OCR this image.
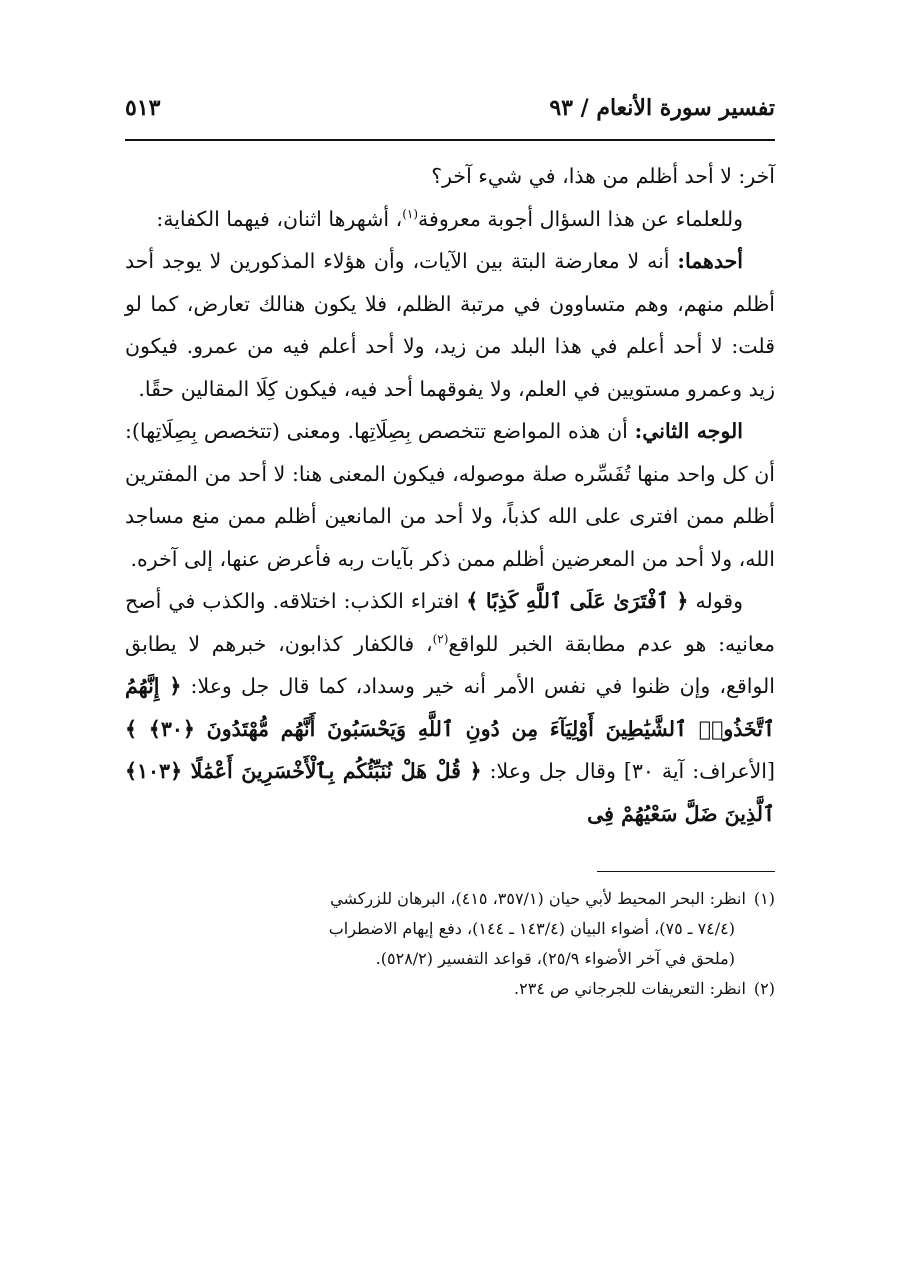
تفسير سورة الأنعام / ٩٣
٥١٣

آخر: لا أحد أظلم من هذا، في شيء آخر؟

وللعلماء عن هذا السؤال أجوبة معروفة$^{(١)}$، أشهرها اثنان، فيهما الكفاية:

أحدهما: أنه لا معارضة البتة بين الآيات، وأن هؤلاء المذكورين لا يوجد أحد أظلم منهم، وهم متساوون في مرتبة الظلم، فلا يكون هنالك تعارض، كما لو قلت: لا أحد أعلم في هذا البلد من زيد، ولا أحد أعلم فيه من عمرو. فيكون زيد وعمرو مستويين في العلم، ولا يفوقهما أحد فيه، فيكون كِلَا المقالين حقًا.

الوجه الثاني: أن هذه المواضع تتخصص بِصِلَاتِها. ومعنى (تتخصص بِصِلَاتِها): أن كل واحد منها تُفَسِّره صلة موصوله، فيكون المعنى هنا: لا أحد من المفترين أظلم ممن افترى على الله كذباً، ولا أحد من المانعين أظلم ممن منع مساجد الله، ولا أحد من المعرضين أظلم ممن ذكر بآيات ربه فأعرض عنها، إلى آخره.

وقوله ﴿ ٱفْتَرَىٰ عَلَى ٱللَّهِ كَذِبًا ﴾ افتراء الكذب: اختلاقه. والكذب في أصح معانيه: هو عدم مطابقة الخبر للواقع$^{(٢)}$، فالكفار كذابون، خبرهم لا يطابق الواقع، وإن ظنوا في نفس الأمر أنه خير وسداد، كما قال جل وعلا: ﴿ إِنَّهُمُ ٱتَّخَذُوا۟ ٱلشَّيَٰطِينَ أَوْلِيَآءَ مِن دُونِ ٱللَّهِ وَيَحْسَبُونَ أَنَّهُم مُّهْتَدُونَ ﴿٣٠﴾ ﴾ [الأعراف: آية ٣٠] وقال جل وعلا: ﴿ قُلْ هَلْ نُنَبِّئُكُم بِٱلْأَخْسَرِينَ أَعْمَٰلًا ﴿١٠٣﴾ ٱلَّذِينَ ضَلَّ سَعْيُهُمْ فِى

(١)انظر: البحر المحيط لأبي حيان (٣٥٧/١، ٤١٥)، البرهان للزركشي

(٧٤/٤ ـ ٧٥)، أضواء البيان (١٤٣/٤ ـ ١٤٤)، دفع إيهام الاضطراب

(ملحق في آخر الأضواء ٢٥/٩)، قواعد التفسير (٥٢٨/٢).

(٢)انظر: التعريفات للجرجاني ص ٢٣٤.
